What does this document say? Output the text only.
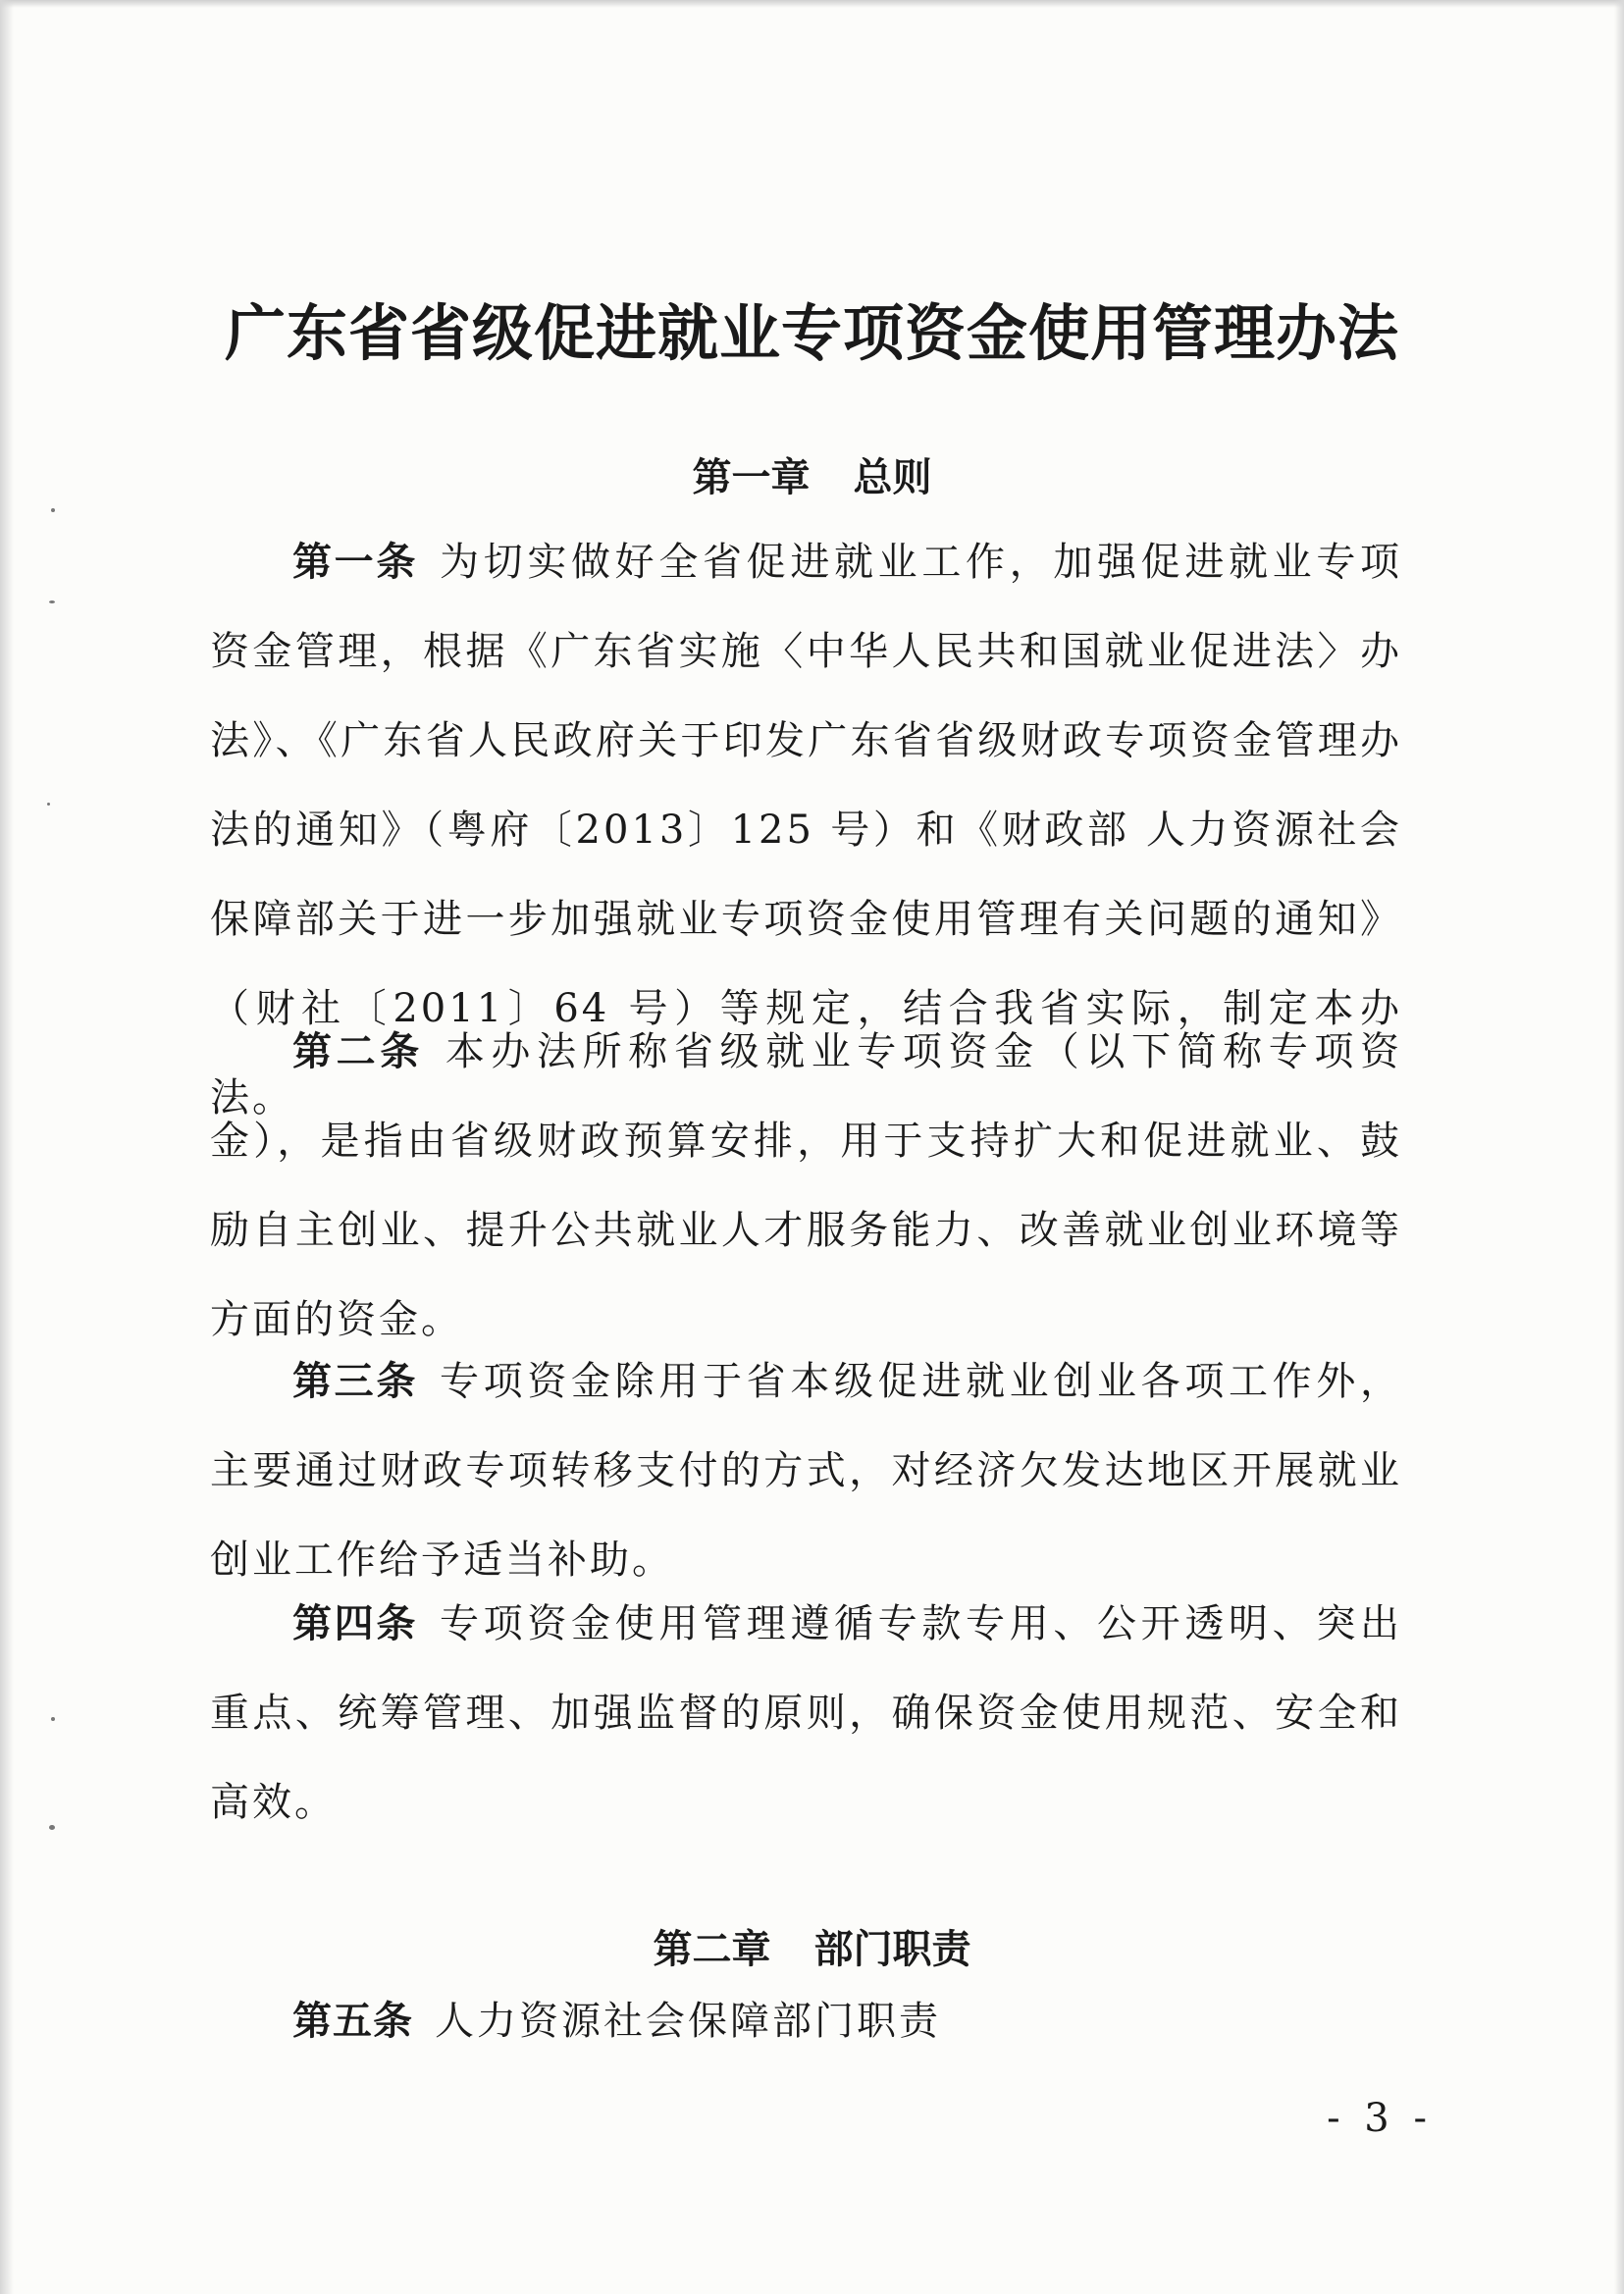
广东省省级促进就业专项资金使用管理办法
第一章 总则
第一条 为切实做好全省促进就业工作，加强促进就业专项资金管理，根据《广东省实施〈中华人民共和国就业促进法〉办法》、《广东省人民政府关于印发广东省省级财政专项资金管理办法的通知》（粤府〔2013〕125 号）和《财政部 人力资源社会保障部关于进一步加强就业专项资金使用管理有关问题的通知》（财社〔2011〕64 号）等规定，结合我省实际，制定本办法。
第二条 本办法所称省级就业专项资金（以下简称专项资金），是指由省级财政预算安排，用于支持扩大和促进就业、鼓励自主创业、提升公共就业人才服务能力、改善就业创业环境等方面的资金。
第三条 专项资金除用于省本级促进就业创业各项工作外，主要通过财政专项转移支付的方式，对经济欠发达地区开展就业创业工作给予适当补助。
第四条 专项资金使用管理遵循专款专用、公开透明、突出重点、统筹管理、加强监督的原则，确保资金使用规范、安全和高效。
第二章 部门职责
第五条 人力资源社会保障部门职责
- 3 -
